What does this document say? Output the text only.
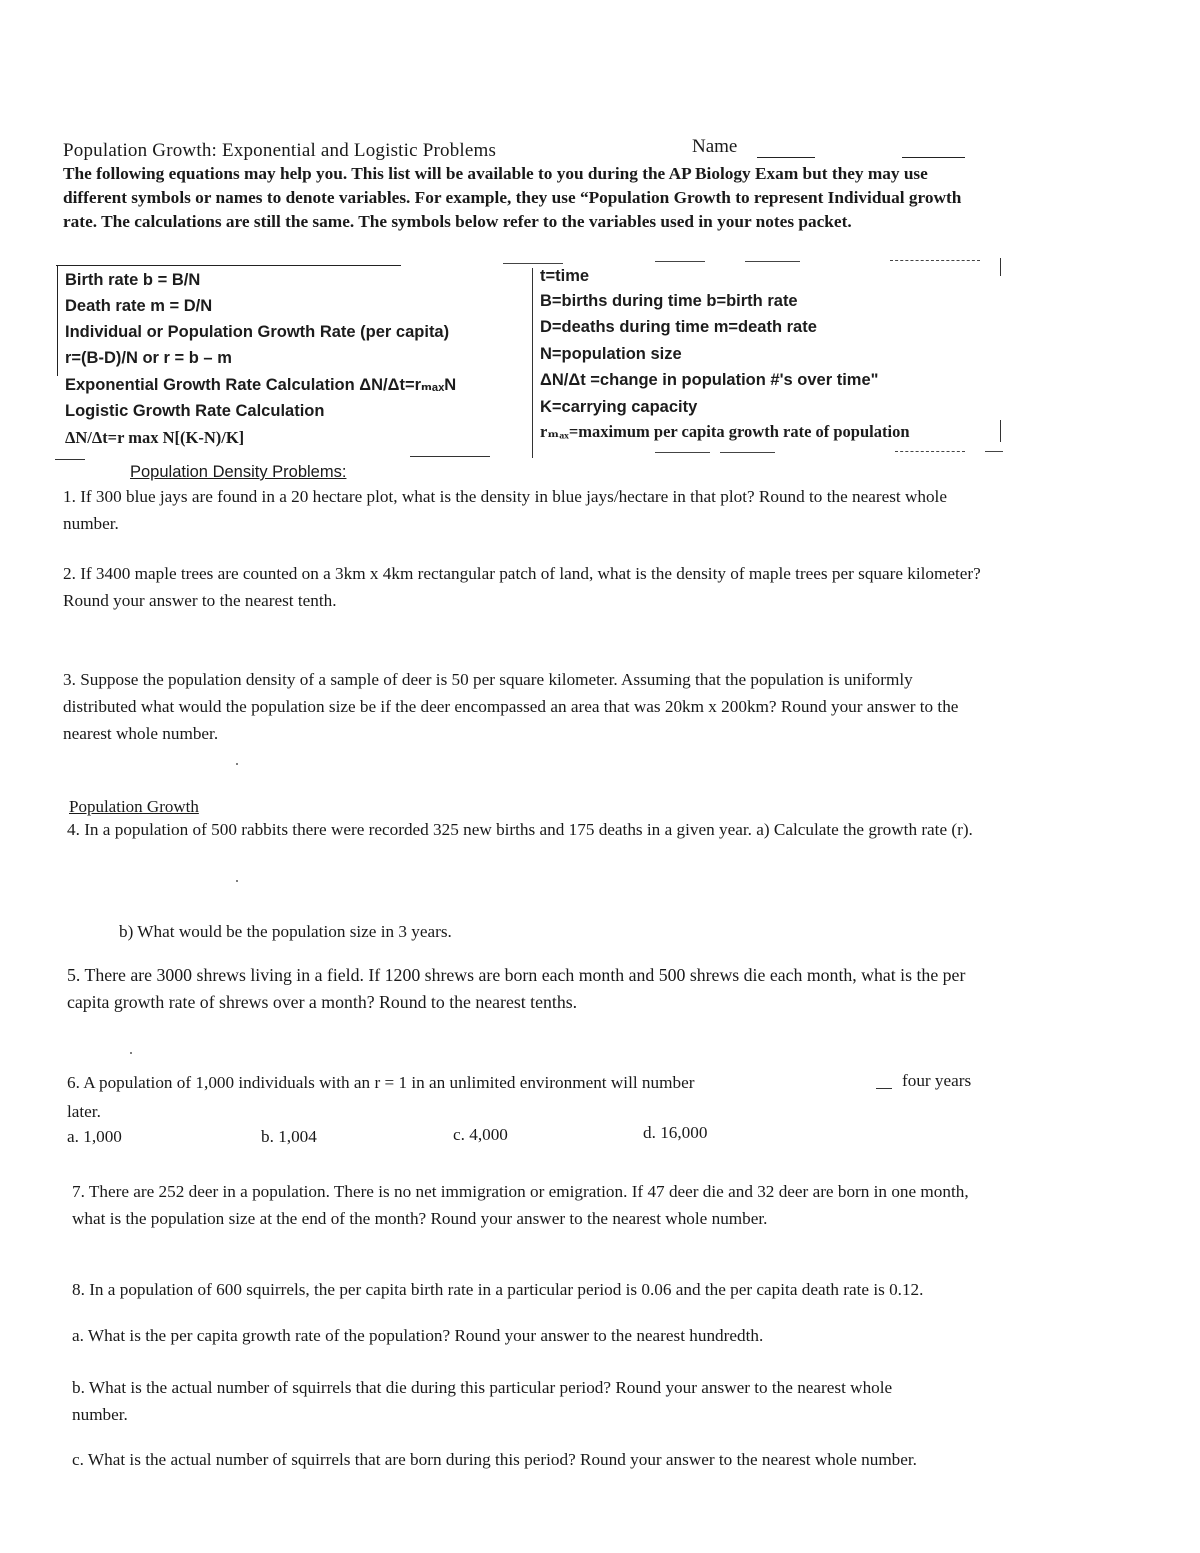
Population Growth: Exponential and Logistic Problems	Name
The following equations may help you. This list will be available to you during the AP Biology Exam but they may use different symbols or names to denote variables. For example, they use “Population Growth to represent Individual growth rate. The calculations are still the same. The symbols below refer to the variables used in your notes packet.
Birth rate b = B/N
Death rate m = D/N
Individual or Population Growth Rate (per capita)
r=(B-D)/N or r = b – m
Exponential Growth Rate Calculation ΔN/Δt=rₘₐₓN
Logistic Growth Rate Calculation
ΔN/Δt=r max N[(K-N)/K]
t=time
B=births during time b=birth rate
D=deaths during time m=death rate
N=population size
ΔN/Δt =change in population #'s over time"
K=carrying capacity
rₘₐₓ=maximum per capita growth rate of population
Population Density Problems:
1. If 300 blue jays are found in a 20 hectare plot, what is the density in blue jays/hectare in that plot? Round to the nearest whole number.
2. If 3400 maple trees are counted on a 3km x 4km rectangular patch of land, what is the density of maple trees per square kilometer? Round your answer to the nearest tenth.
3. Suppose the population density of a sample of deer is 50 per square kilometer. Assuming that the population is uniformly distributed what would the population size be if the deer encompassed an area that was 20km x 200km? Round your answer to the nearest whole number.
Population Growth
4. In a population of 500 rabbits there were recorded 325 new births and 175 deaths in a given year. a) Calculate the growth rate (r).
b) What would be the population size in 3 years.
5. There are 3000 shrews living in a field. If 1200 shrews are born each month and 500 shrews die each month, what is the per capita growth rate of shrews over a month? Round to the nearest tenths.
6. A population of 1,000 individuals with an r = 1 in an unlimited environment will number	four years
later.
a. 1,000	b. 1,004	c. 4,000	d. 16,000
7. There are 252 deer in a population. There is no net immigration or emigration. If 47 deer die and 32 deer are born in one month, what is the population size at the end of the month? Round your answer to the nearest whole number.
8. In a population of 600 squirrels, the per capita birth rate in a particular period is 0.06 and the per capita death rate is 0.12.
a. What is the per capita growth rate of the population? Round your answer to the nearest hundredth.
b. What is the actual number of squirrels that die during this particular period? Round your answer to the nearest whole number.
c. What is the actual number of squirrels that are born during this period? Round your answer to the nearest whole number.
